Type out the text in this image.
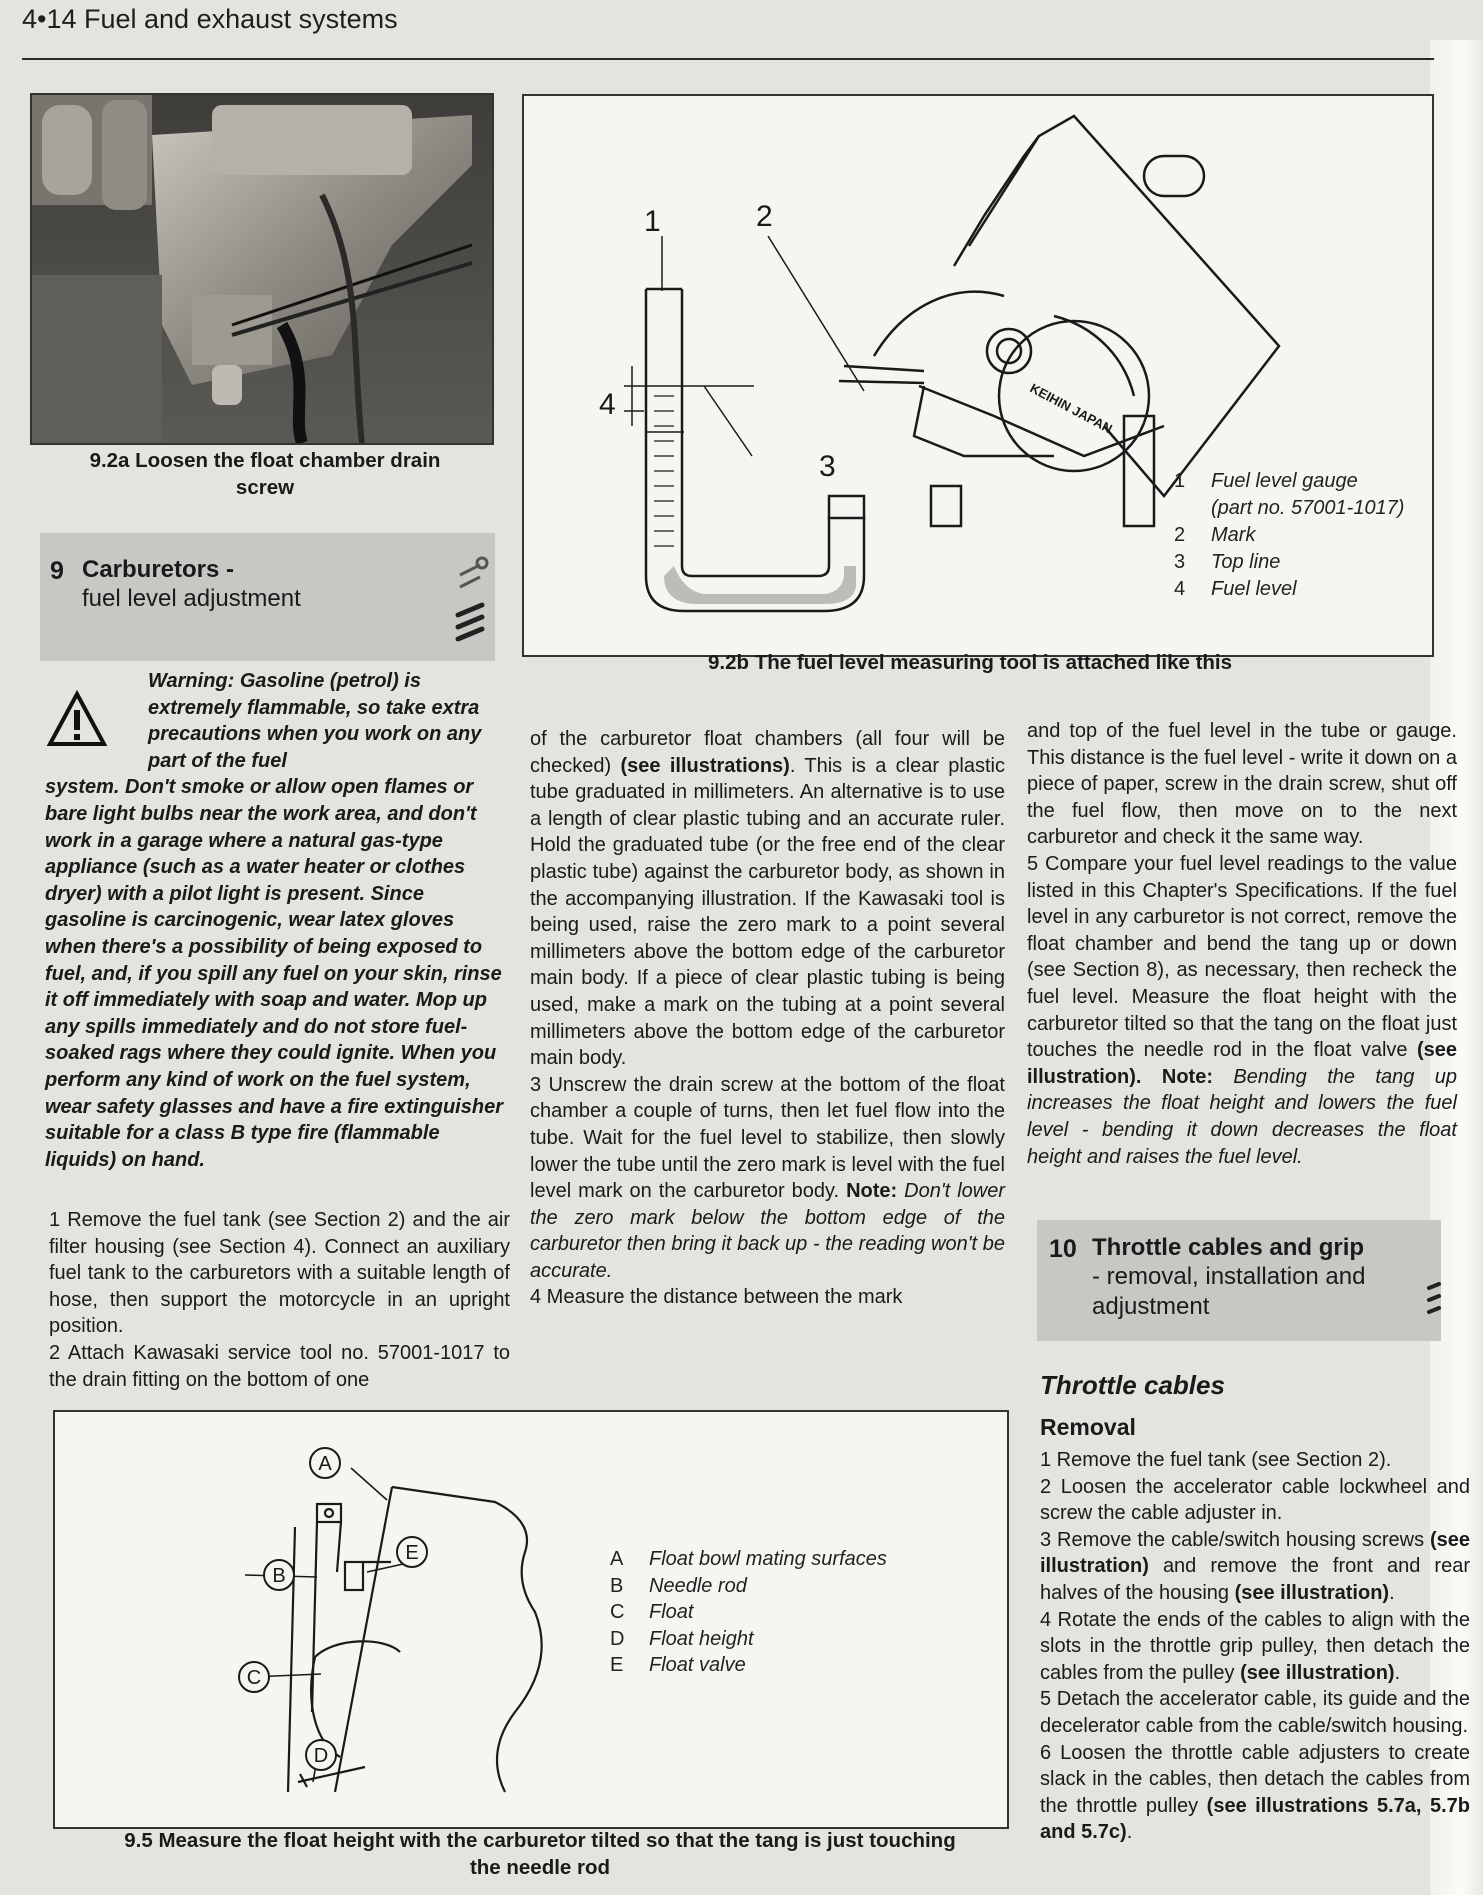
4•14 Fuel and exhaust systems
9.2a Loosen the float chamber drain
screw
1	2
3
4	KEIHIN JAPAN
1 Fuel level gauge
(part no. 57001-1017)
2 Mark
3 Top line
4 Fuel level
9.2b The fuel level measuring tool is attached like this
9 Carburetors -
fuel level adjustment
Warning: Gasoline (petrol) is extremely flammable, so take extra precautions when you work on any part of the fuel
system. Don't smoke or allow open flames or bare light bulbs near the work area, and don't work in a garage where a natural gas-type appliance (such as a water heater or clothes dryer) with a pilot light is present. Since gasoline is carcinogenic, wear latex gloves when there's a possibility of being exposed to fuel, and, if you spill any fuel on your skin, rinse it off immediately with soap and water. Mop up any spills immediately and do not store fuel-soaked rags where they could ignite. When you perform any kind of work on the fuel system, wear safety glasses and have a fire extinguisher suitable for a class B type fire (flammable liquids) on hand.

1 Remove the fuel tank (see Section 2) and the air filter housing (see Section 4). Connect an auxiliary fuel tank to the carburetors with a suitable length of hose, then support the motorcycle in an upright position.

2 Attach Kawasaki service tool no. 57001-1017 to the drain fitting on the bottom of one

of the carburetor float chambers (all four will be checked) (see illustrations). This is a clear plastic tube graduated in millimeters. An alternative is to use a length of clear plastic tubing and an accurate ruler. Hold the graduated tube (or the free end of the clear plastic tube) against the carburetor body, as shown in the accompanying illustration. If the Kawasaki tool is being used, raise the zero mark to a point several millimeters above the bottom edge of the carburetor main body. If a piece of clear plastic tubing is being used, make a mark on the tubing at a point several millimeters above the bottom edge of the carburetor main body.

3 Unscrew the drain screw at the bottom of the float chamber a couple of turns, then let fuel flow into the tube. Wait for the fuel level to stabilize, then slowly lower the tube until the zero mark is level with the fuel level mark on the carburetor body. Note: Don't lower the zero mark below the bottom edge of the carburetor then bring it back up - the reading won't be accurate.

4 Measure the distance between the mark

and top of the fuel level in the tube or gauge. This distance is the fuel level - write it down on a piece of paper, screw in the drain screw, shut off the fuel flow, then move on to the next carburetor and check it the same way.

5 Compare your fuel level readings to the value listed in this Chapter's Specifications. If the fuel level in any carburetor is not correct, remove the float chamber and bend the tang up or down (see Section 8), as necessary, then recheck the fuel level. Measure the float height with the carburetor tilted so that the tang on the float just touches the needle rod in the float valve (see illustration). Note: Bending the tang up increases the float height and lowers the fuel level - bending it down decreases the float height and raises the fuel level.

10 Throttle cables and grip
- removal, installation and
adjustment
Throttle cables
Removal

1 Remove the fuel tank (see Section 2).

2 Loosen the accelerator cable lockwheel and screw the cable adjuster in.

3 Remove the cable/switch housing screws (see illustration) and remove the front and rear halves of the housing (see illustration).

4 Rotate the ends of the cables to align with the slots in the throttle grip pulley, then detach the cables from the pulley (see illustration).

5 Detach the accelerator cable, its guide and the decelerator cable from the cable/switch housing.

6 Loosen the throttle cable adjusters to create slack in the cables, then detach the cables from the throttle pulley (see illustrations 5.7a, 5.7b and 5.7c).

A
B
C
D
E	A Float bowl mating surfaces
B Needle rod
C Float
D Float height
E Float valve
9.5 Measure the float height with the carburetor tilted so that the tang is just touching
the needle rod
